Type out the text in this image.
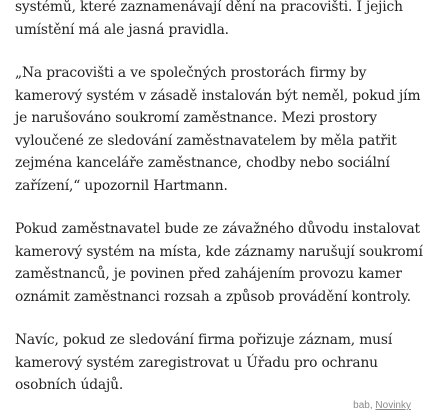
systémů, které zaznamenávají dění na pracovišti. I jejich
umístění má ale jasná pravidla.

„Na pracovišti a ve společných prostorách firmy by
kamerový systém v zásadě instalován být neměl, pokud jím
je narušováno soukromí zaměstnance. Mezi prostory
vyloučené ze sledování zaměstnavatelem by měla patřit
zejména kanceláře zaměstnance, chodby nebo sociální
zařízení,“ upozornil Hartmann.

Pokud zaměstnavatel bude ze závažného důvodu instalovat
kamerový systém na místa, kde záznamy narušují soukromí
zaměstnanců, je povinen před zahájením provozu kamer
oznámit zaměstnanci rozsah a způsob provádění kontroly.

Navíc, pokud ze sledování firma pořizuje záznam, musí
kamerový systém zaregistrovat u Úřadu pro ochranu
osobních údajů.

bab, Novinky
